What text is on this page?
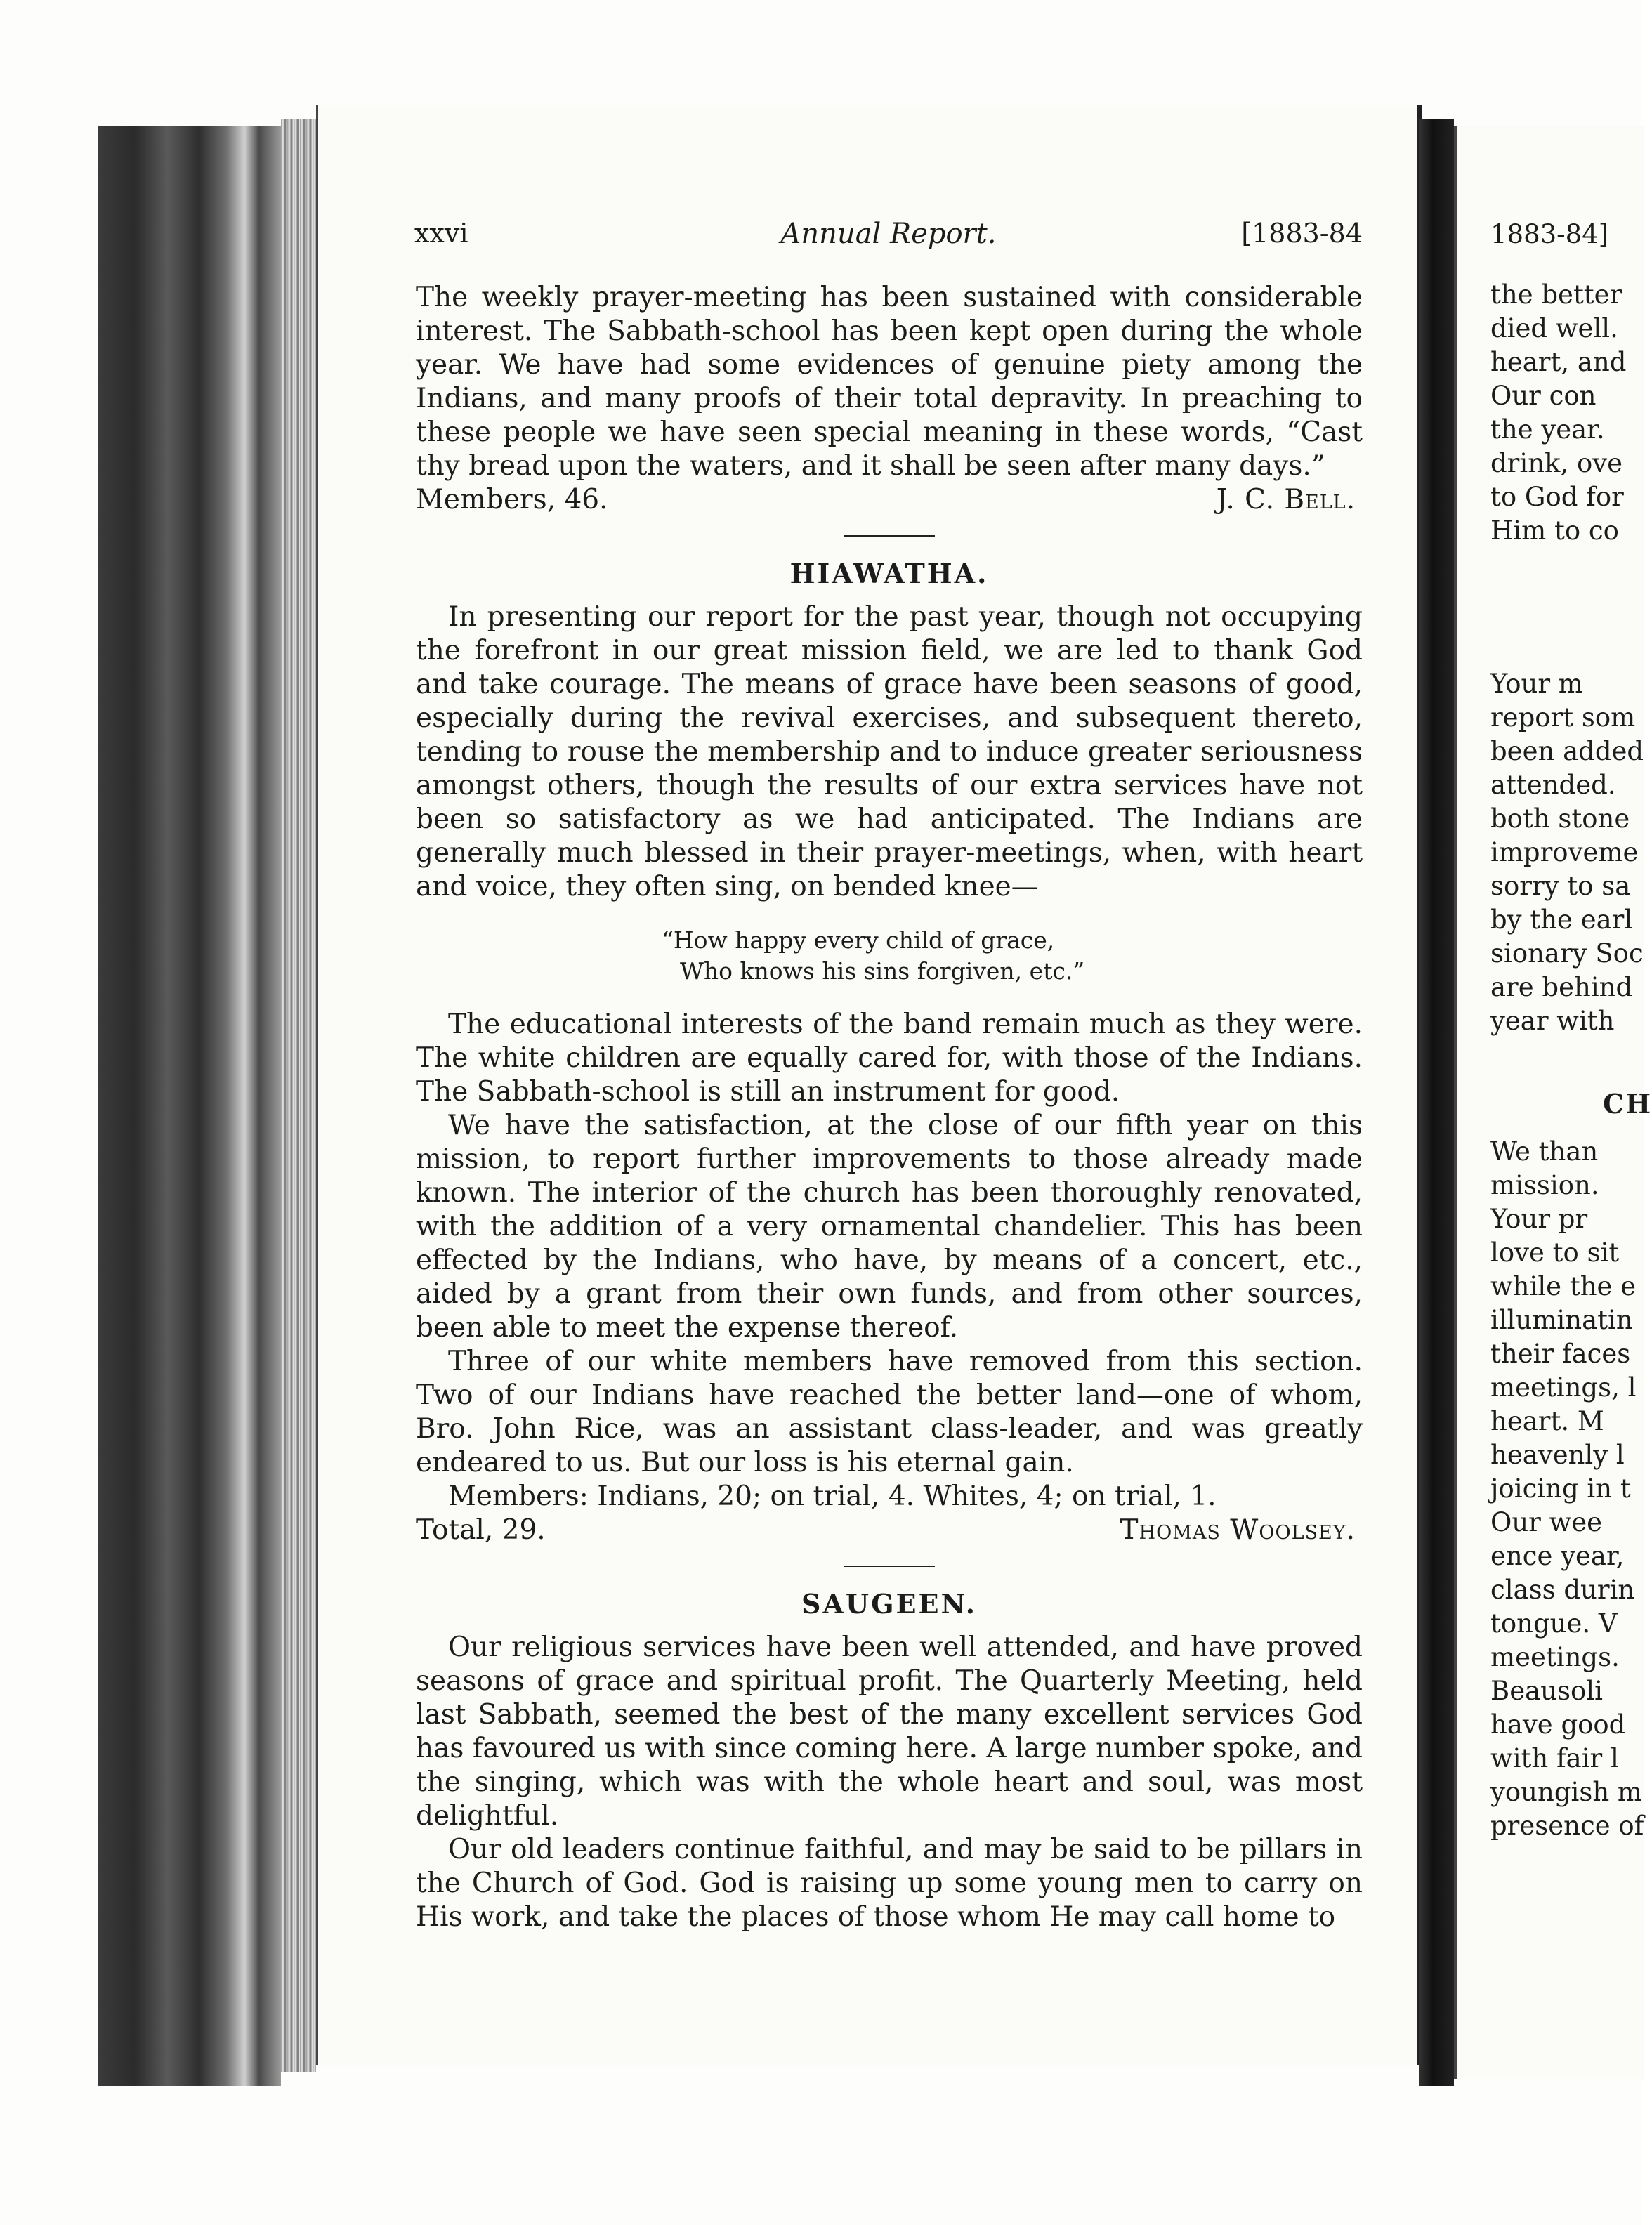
xxvi	Annual Report.	[1883-84

The weekly prayer-meeting has been sustained with considerable interest. The Sabbath-school has been kept open during the whole year. We have had some evidences of genuine piety among the Indians, and many proofs of their total depravity. In preaching to these people we have seen special meaning in these words, “Cast thy bread upon the waters, and it shall be seen after many days.”

Members, 46.	J. C. Bell.
HIAWATHA.

In presenting our report for the past year, though not occupying the forefront in our great mission field, we are led to thank God and take courage. The means of grace have been seasons of good, especially during the revival exercises, and subsequent thereto, tending to rouse the membership and to induce greater seriousness amongst others, though the results of our extra services have not been so satisfactory as we had anticipated. The Indians are generally much blessed in their prayer-meetings, when, with heart and voice, they often sing, on bended knee—

“How happy every child of grace,
Who knows his sins forgiven, etc.”

The educational interests of the band remain much as they were. The white children are equally cared for, with those of the Indians. The Sabbath-school is still an instrument for good.

We have the satisfaction, at the close of our fifth year on this mission, to report further improvements to those already made known. The interior of the church has been thoroughly renovated, with the addition of a very ornamental chandelier. This has been effected by the Indians, who have, by means of a concert, etc., aided by a grant from their own funds, and from other sources, been able to meet the expense thereof.

Three of our white members have removed from this section. Two of our Indians have reached the better land—one of whom, Bro. John Rice, was an assistant class-leader, and was greatly endeared to us. But our loss is his eternal gain.

Members: Indians, 20; on trial, 4. Whites, 4; on trial, 1.

Total, 29.	Thomas Woolsey.
SAUGEEN.

Our religious services have been well attended, and have proved seasons of grace and spiritual profit. The Quarterly Meeting, held last Sabbath, seemed the best of the many excellent services God has favoured us with since coming here. A large number spoke, and the singing, which was with the whole heart and soul, was most delightful.

Our old leaders continue faithful, and may be said to be pillars in the Church of God. God is raising up some young men to carry on His work, and take the places of those whom He may call home to

1883-84]
the better
died well.
heart, and
Our con
the year.
drink, ove
to God for
Him to co
Your m
report som
been added
attended.
both stone
improveme
sorry to sa
by the earl
sionary Soc
are behind
year with
CH
We than
mission.
Your pr
love to sit
while the e
illuminatin
their faces
meetings, l
heart. M
heavenly l
joicing in t
Our wee
ence year,
class durin
tongue. V
meetings.
Beausoli
have good
with fair l
youngish m
presence of
